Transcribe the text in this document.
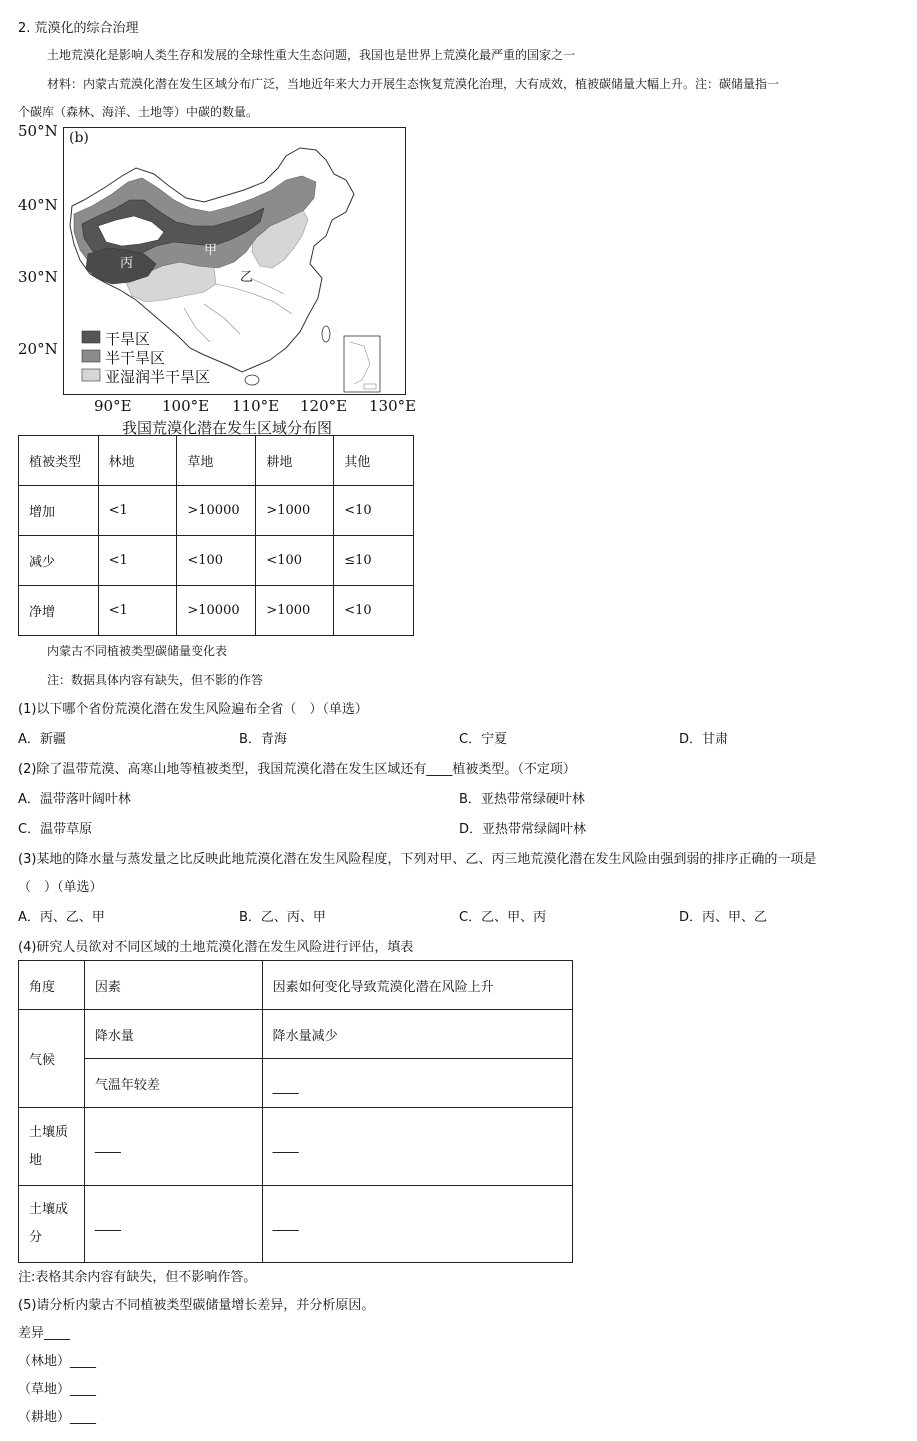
2. 荒漠化的综合治理
土地荒漠化是影响人类生存和发展的全球性重大生态问题，我国也是世界上荒漠化最严重的国家之一
材料：内蒙古荒漠化潜在发生区域分布广泛，当地近年来大力开展生态恢复荒漠化治理，大有成效，植被碳储量大幅上升。注：碳储量指一
个碳库（森林、海洋、土地等）中碳的数量。
50°N
40°N
30°N
20°N
(b)
甲
乙
丙
干旱区
半干旱区
亚湿润半干旱区
90°E 100°E 110°E 120°E 130°E
我国荒漠化潜在发生区域分布图
植被类型	林地	草地	耕地	其他
增加	<1	>10000	>1000	<10
减少	<1	<100	<100	≤10
净增	<1	>10000	>1000	<10
内蒙古不同植被类型碳储量变化表
注：数据具体内容有缺失，但不影的作答
(1)以下哪个省份荒漠化潜在发生风险遍布全省（　）（单选）
A．新疆	B．青海	C．宁夏	D．甘肃
(2)除了温带荒漠、高寒山地等植被类型，我国荒漠化潜在发生区域还有____植被类型。（不定项）
A．温带落叶阔叶林	B．亚热带常绿硬叶林
C．温带草原	D．亚热带常绿阔叶林
(3)某地的降水量与蒸发量之比反映此地荒漠化潜在发生风险程度，下列对甲、乙、丙三地荒漠化潜在发生风险由强到弱的排序正确的一项是
（　）（单选）
A．丙、乙、甲	B．乙、丙、甲	C．乙、甲、丙	D．丙、甲、乙
(4)研究人员欲对不同区域的土地荒漠化潜在发生风险进行评估，填表
角度	因素	因素如何变化导致荒漠化潜在风险上升
气候	降水量	降水量减少
	气温年较差	____
土壤质
地	____	____
土壤成
分	____	____
注:表格其余内容有缺失，但不影响作答。
(5)请分析内蒙古不同植被类型碳储量增长差异，并分析原因。
差异____
（林地）____
（草地）____
（耕地）____
